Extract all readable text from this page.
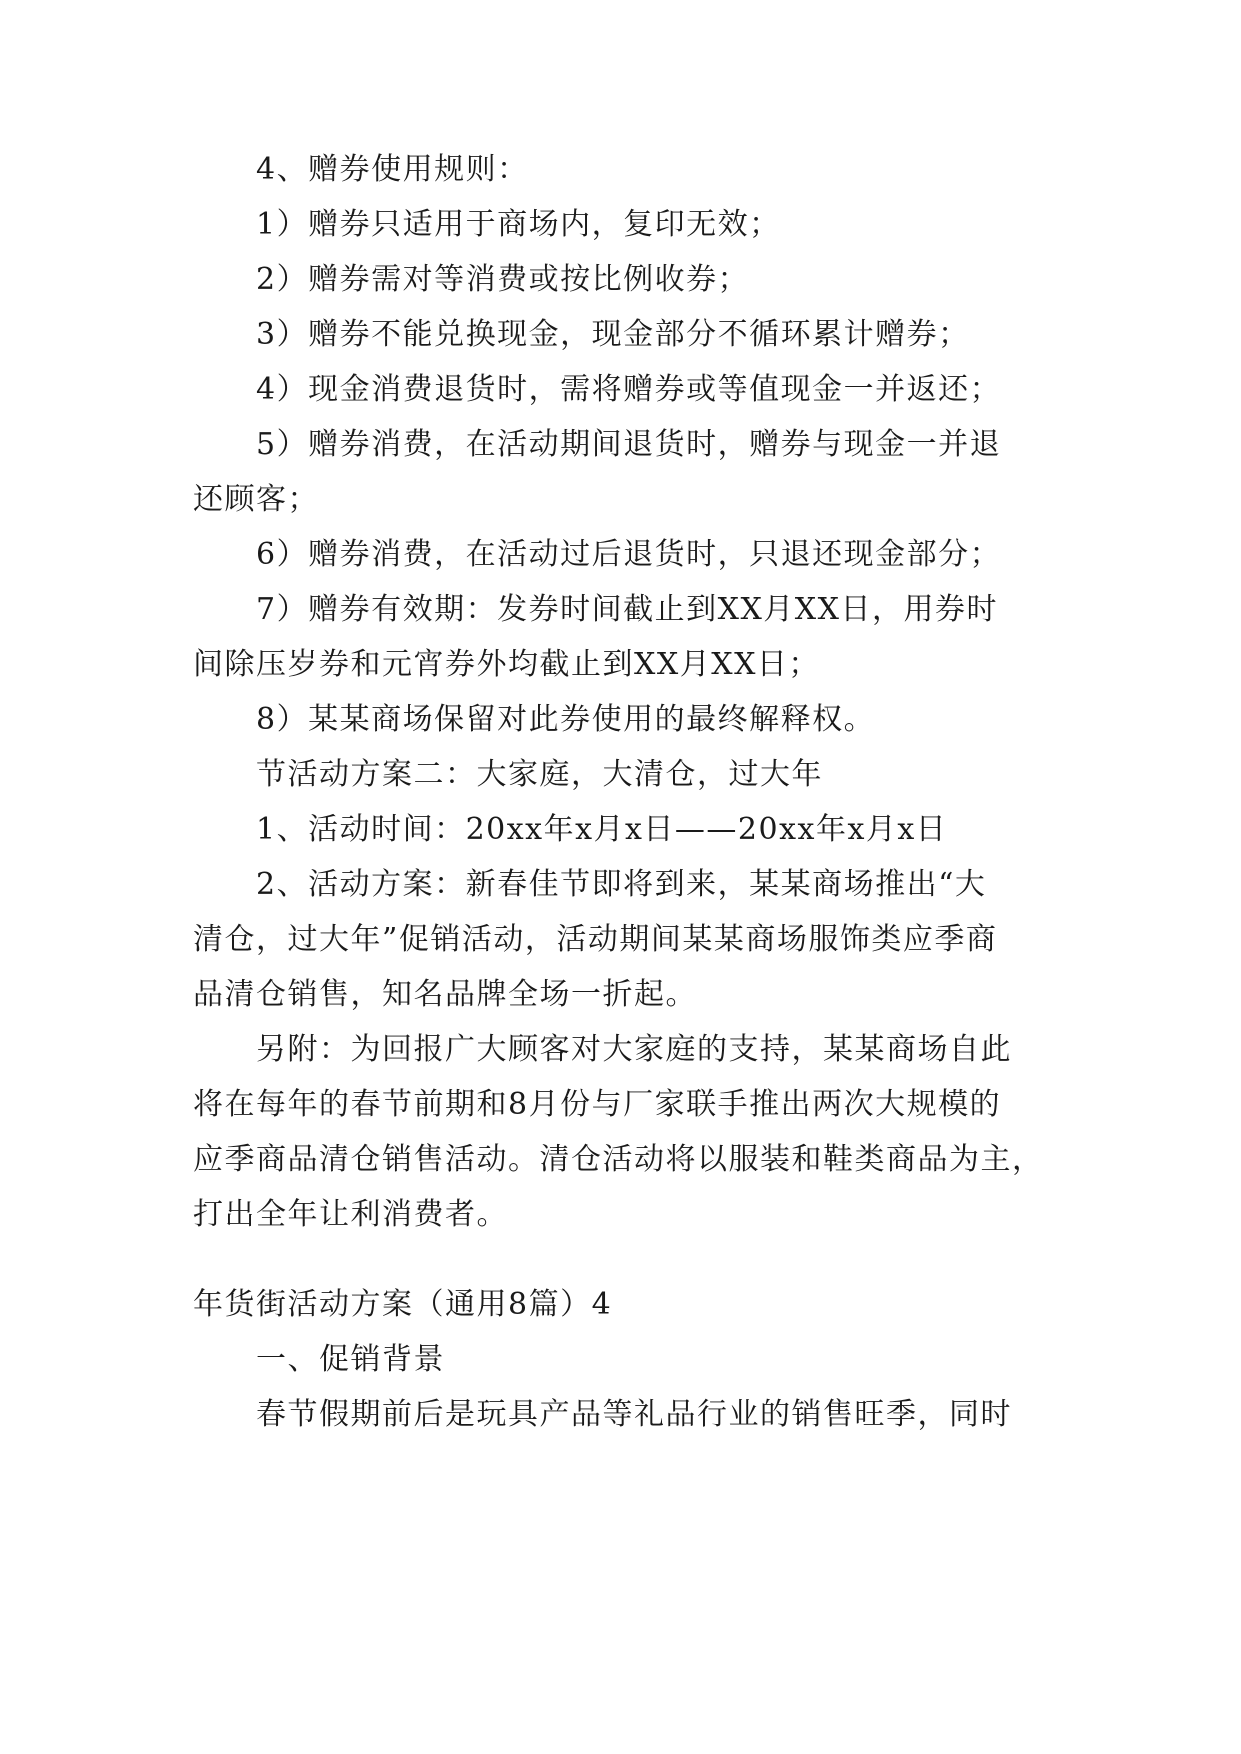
4、赠券使用规则：
1）赠券只适用于商场内，复印无效；
2）赠券需对等消费或按比例收券；
3）赠券不能兑换现金，现金部分不循环累计赠券；
4）现金消费退货时，需将赠券或等值现金一并返还；
5）赠券消费，在活动期间退货时，赠券与现金一并退
还顾客；
6）赠券消费，在活动过后退货时，只退还现金部分；
7）赠券有效期：发券时间截止到XX月XX日，用券时
间除压岁券和元宵券外均截止到XX月XX日；
8）某某商场保留对此券使用的最终解释权。
节活动方案二：大家庭，大清仓，过大年
1、活动时间：20xx年x月x日——20xx年x月x日
2、活动方案：新春佳节即将到来，某某商场推出“大
清仓，过大年”促销活动，活动期间某某商场服饰类应季商
品清仓销售，知名品牌全场一折起。
另附：为回报广大顾客对大家庭的支持，某某商场自此
将在每年的春节前期和8月份与厂家联手推出两次大规模的
应季商品清仓销售活动。清仓活动将以服装和鞋类商品为主，
打出全年让利消费者。
年货街活动方案（通用8篇）4
一、促销背景
春节假期前后是玩具产品等礼品行业的销售旺季，同时
